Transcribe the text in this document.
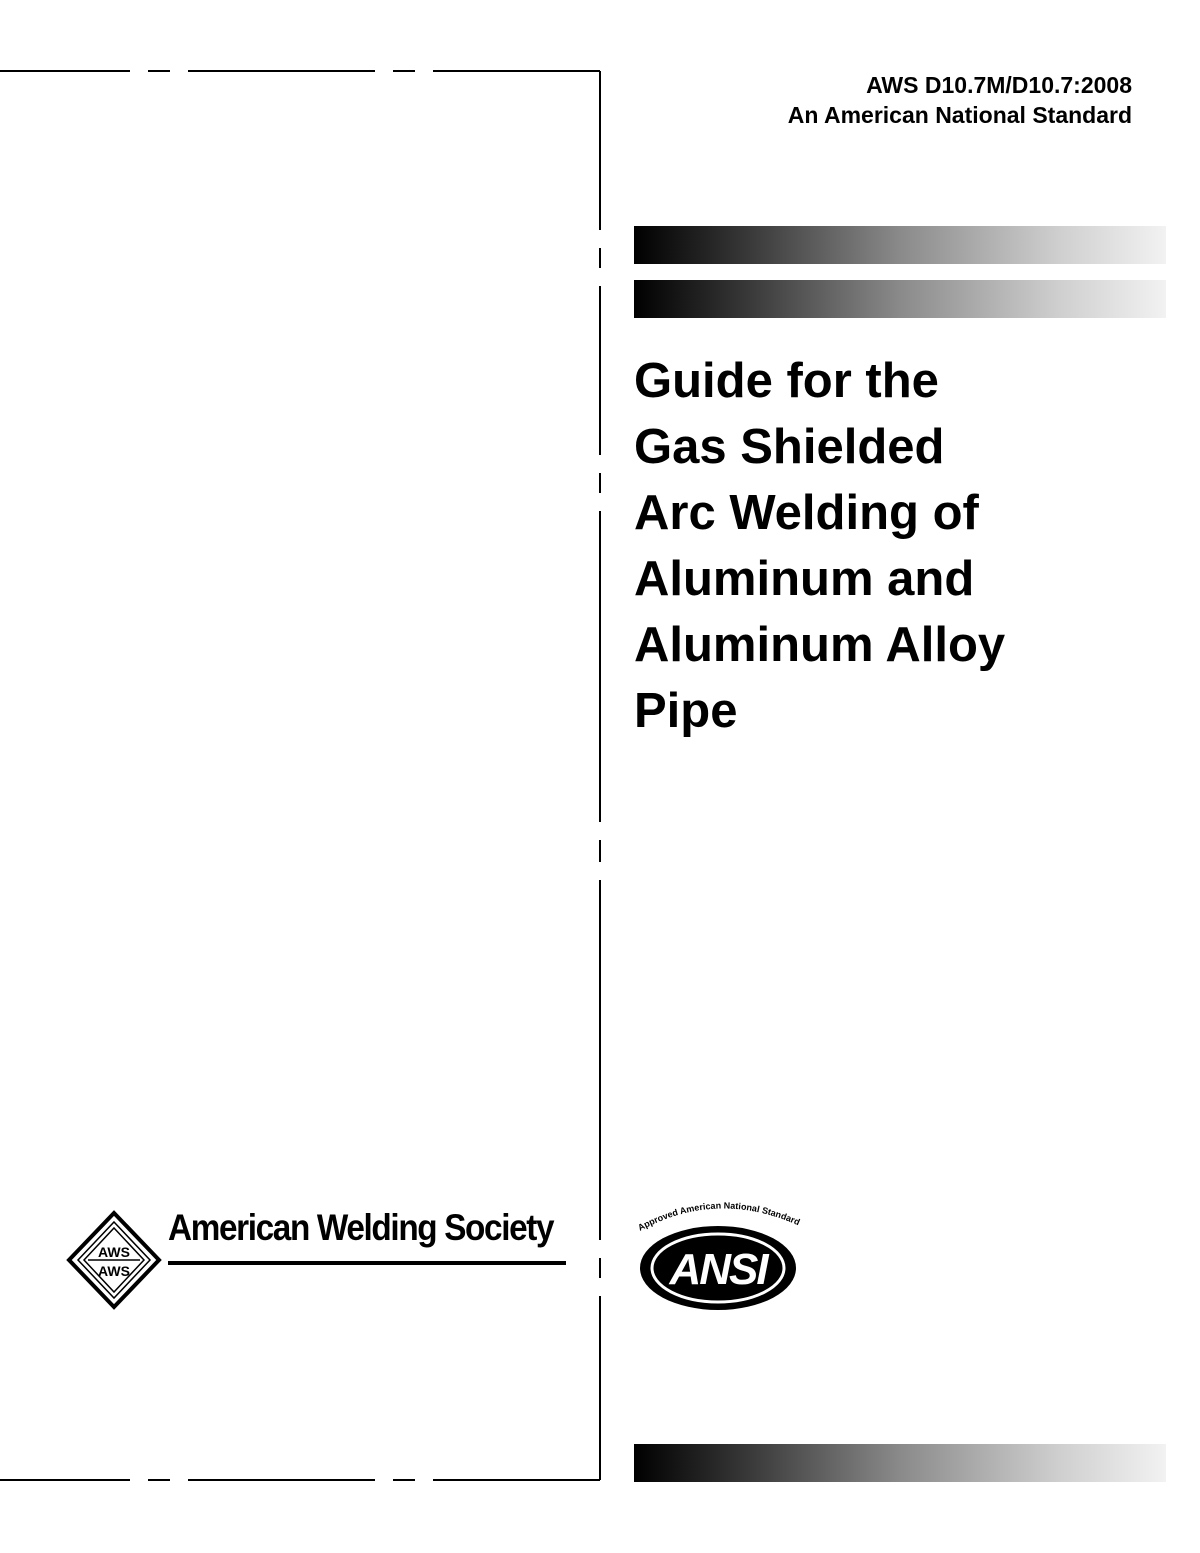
AWS D10.7M/D10.7:2008
An American National Standard
Guide for the
Gas Shielded
Arc Welding of
Aluminum and
Aluminum Alloy
Pipe
AWS
AWS
American Welding Society	Approved American National Standard
ANSI
